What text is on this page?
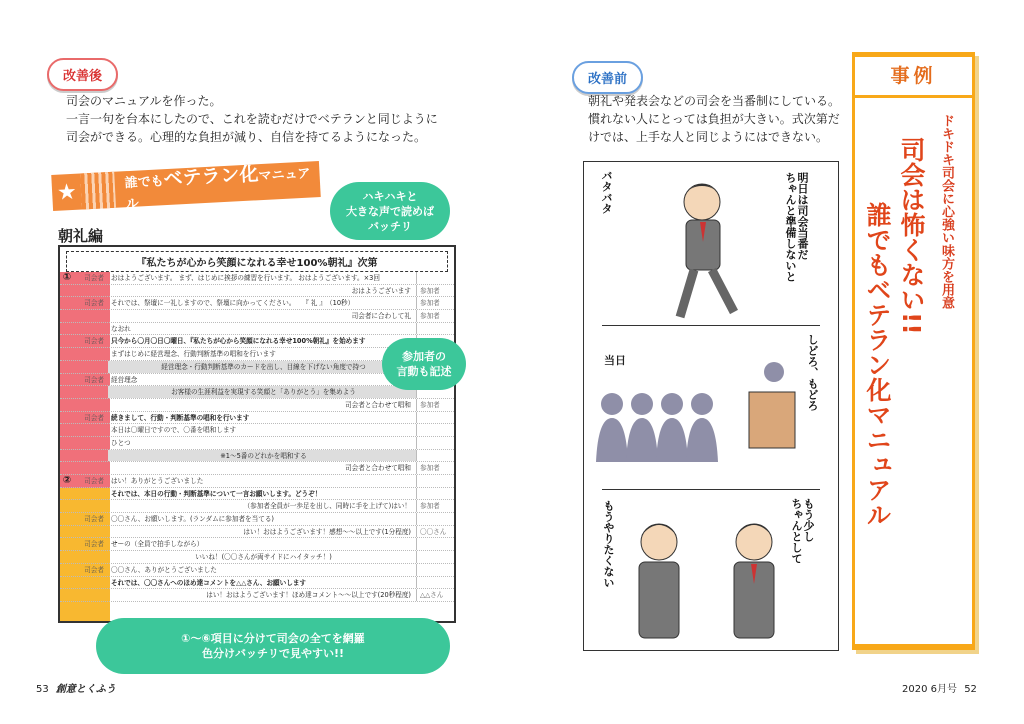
改善後
司会のマニュアルを作った。
一言一句を台本にしたので、これを読むだけでベテランと同じように
司会ができる。心理的な負担が減り、自信を持てるようになった。
★	誰でもベテラン化マニュアル
ハキハキと
大きな声で読めば
バッチリ
朝礼編
『私たちが心から笑顔になれる幸せ100%朝礼』次第
①	司会者	おはようございます。 まず、はじめに挨拶の練習を行います。 おはようございます。×3回
おはようございます	参加者
司会者	それでは、祭壇に一礼しますので、祭壇に向かってください。　　『 礼 』　（10秒）	参加者
司会者に合わして礼	参加者
なおれ
司会者	只今から〇月〇日〇曜日、『私たちが心から笑顔になれる幸せ100%朝礼』を始めます
まずはじめに経営理念、行動判断基準の唱和を行います
経営理念・行動判断基準のカードを出し、目線を下げない角度で持つ
司会者	経営理念
お客様の生涯利益を実現する笑顔と「ありがとう」を集めよう
司会者と合わせて唱和	参加者
司会者	続きまして、行動・判断基準の唱和を行います
本日は〇曜日ですので、〇番を唱和します
ひとつ
※1〜5番のどれかを唱和する
司会者と合わせて唱和	参加者
②	司会者	はい！ありがとうございました
それでは、本日の行動・判断基準について一言お願いします。どうぞ！
（参加者全員が一歩足を出し、同時に手を上げて)はい！	参加者
司会者	〇〇さん、お願いします。(ランダムに参加者を当てる)
はい！おはようございます！感想〜〜以上です(1分程度)	〇〇さん
司会者	せーの（全員で拍手しながら）
いいね！(〇〇さんが両サイドにハイタッチ！)
司会者	〇〇さん、ありがとうございました
それでは、〇〇さんへのほめ達コメントを△△さん、お願いします
はい！おはようございます！ほめ達コメント〜〜以上です(20秒程度)	△△さん
参加者の
言動も記述
①〜⑥項目に分けて司会の全てを網羅
色分けバッチリで見やすい!!
53 創意とくふう
改善前
朝礼や発表会などの司会を当番制にしている。
慣れない人にとっては負担が大きい。式次第だ
けでは、上手な人と同じようにはできない。
バタバタ	明日は司会当番だ
ちゃんと準備しないと
当日	しどろ、もどろ
もうやりたくない	もう少し
ちゃんとして
2020 6月号 52
事例
ドキドキ司会に心強い味方を用意
司会は怖くない!!
誰でもベテラン化マニュアル
